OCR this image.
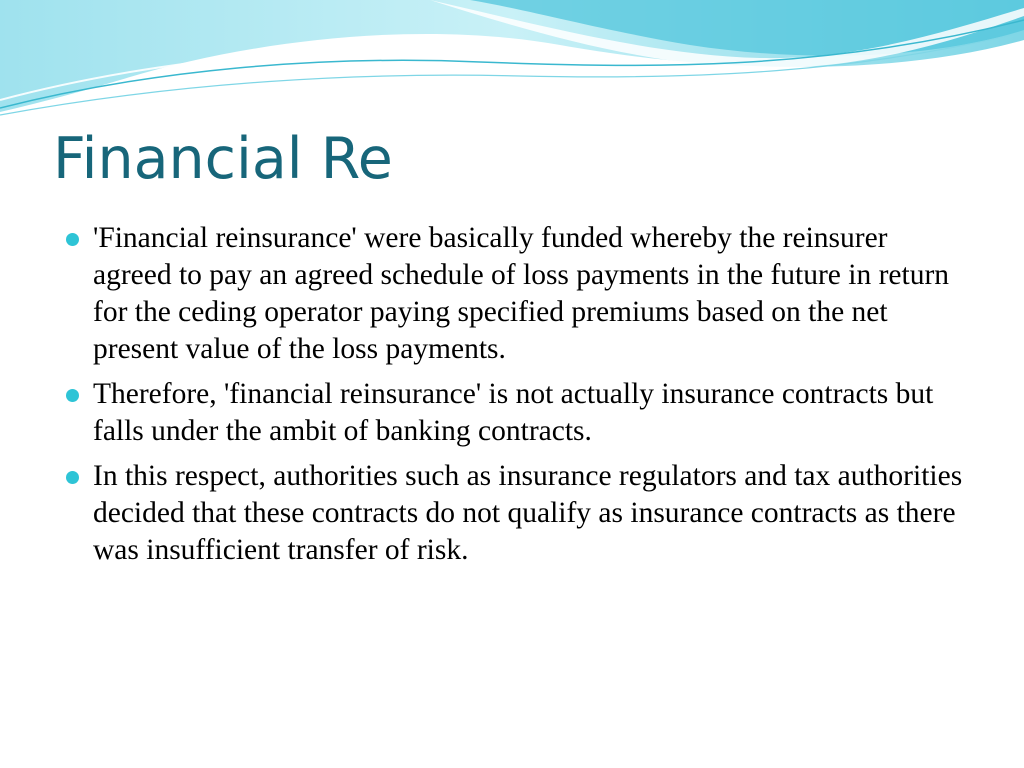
Financial Re
'Financial reinsurance' were basically funded whereby the reinsurer agreed to pay an agreed schedule of loss payments in the future in return for the ceding operator paying specified premiums based on the net present value of the loss payments.
Therefore, 'financial reinsurance' is not actually insurance contracts but falls under the ambit of banking contracts.
In this respect, authorities such as insurance regulators and tax authorities decided that these contracts do not qualify as insurance contracts as there was insufficient transfer of risk.
